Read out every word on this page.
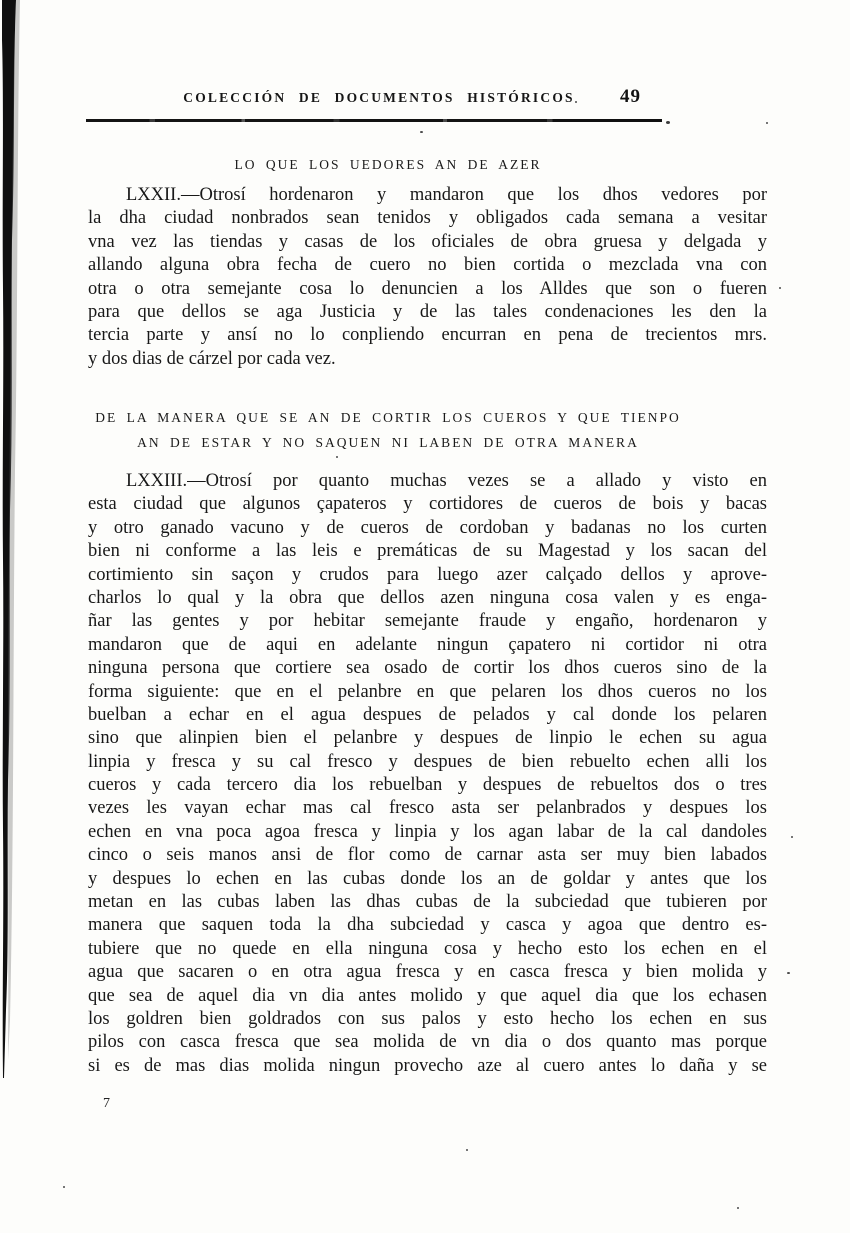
COLECCIÓN DE DOCUMENTOS HISTÓRICOS	49
LO QUE LOS UEDORES AN DE AZER
LXXII.—Otrosí hordenaron y mandaron que los dhos vedores por
la dha ciudad nonbrados sean tenidos y obligados cada semana a vesitar
vna vez las tiendas y casas de los oficiales de obra gruesa y delgada y
allando alguna obra fecha de cuero no bien cortida o mezclada vna con
otra o otra semejante cosa lo denuncien a los Alldes que son o fueren
para que dellos se aga Justicia y de las tales condenaciones les den la
tercia parte y ansí no lo conpliendo encurran en pena de trecientos mrs.
y dos dias de cárzel por cada vez.
DE LA MANERA QUE SE AN DE CORTIR LOS CUEROS Y QUE TIENPO
AN DE ESTAR Y NO SAQUEN NI LABEN DE OTRA MANERA
LXXIII.—Otrosí por quanto muchas vezes se a allado y visto en
esta ciudad que algunos çapateros y cortidores de cueros de bois y bacas
y otro ganado vacuno y de cueros de cordoban y badanas no los curten
bien ni conforme a las leis e premáticas de su Magestad y los sacan del
cortimiento sin saçon y crudos para luego azer calçado dellos y aprove-
charlos lo qual y la obra que dellos azen ninguna cosa valen y es enga-
ñar las gentes y por hebitar semejante fraude y engaño, hordenaron y
mandaron que de aqui en adelante ningun çapatero ni cortidor ni otra
ninguna persona que cortiere sea osado de cortir los dhos cueros sino de la
forma siguiente: que en el pelanbre en que pelaren los dhos cueros no los
buelban a echar en el agua despues de pelados y cal donde los pelaren
sino que alinpien bien el pelanbre y despues de linpio le echen su agua
linpia y fresca y su cal fresco y despues de bien rebuelto echen alli los
cueros y cada tercero dia los rebuelban y despues de rebueltos dos o tres
vezes les vayan echar mas cal fresco asta ser pelanbrados y despues los
echen en vna poca agoa fresca y linpia y los agan labar de la cal dandoles
cinco o seis manos ansi de flor como de carnar asta ser muy bien labados
y despues lo echen en las cubas donde los an de goldar y antes que los
metan en las cubas laben las dhas cubas de la subciedad que tubieren por
manera que saquen toda la dha subciedad y casca y agoa que dentro es-
tubiere que no quede en ella ninguna cosa y hecho esto los echen en el
agua que sacaren o en otra agua fresca y en casca fresca y bien molida y
que sea de aquel dia vn dia antes molido y que aquel dia que los echasen
los goldren bien goldrados con sus palos y esto hecho los echen en sus
pilos con casca fresca que sea molida de vn dia o dos quanto mas porque
si es de mas dias molida ningun provecho aze al cuero antes lo daña y se
7
